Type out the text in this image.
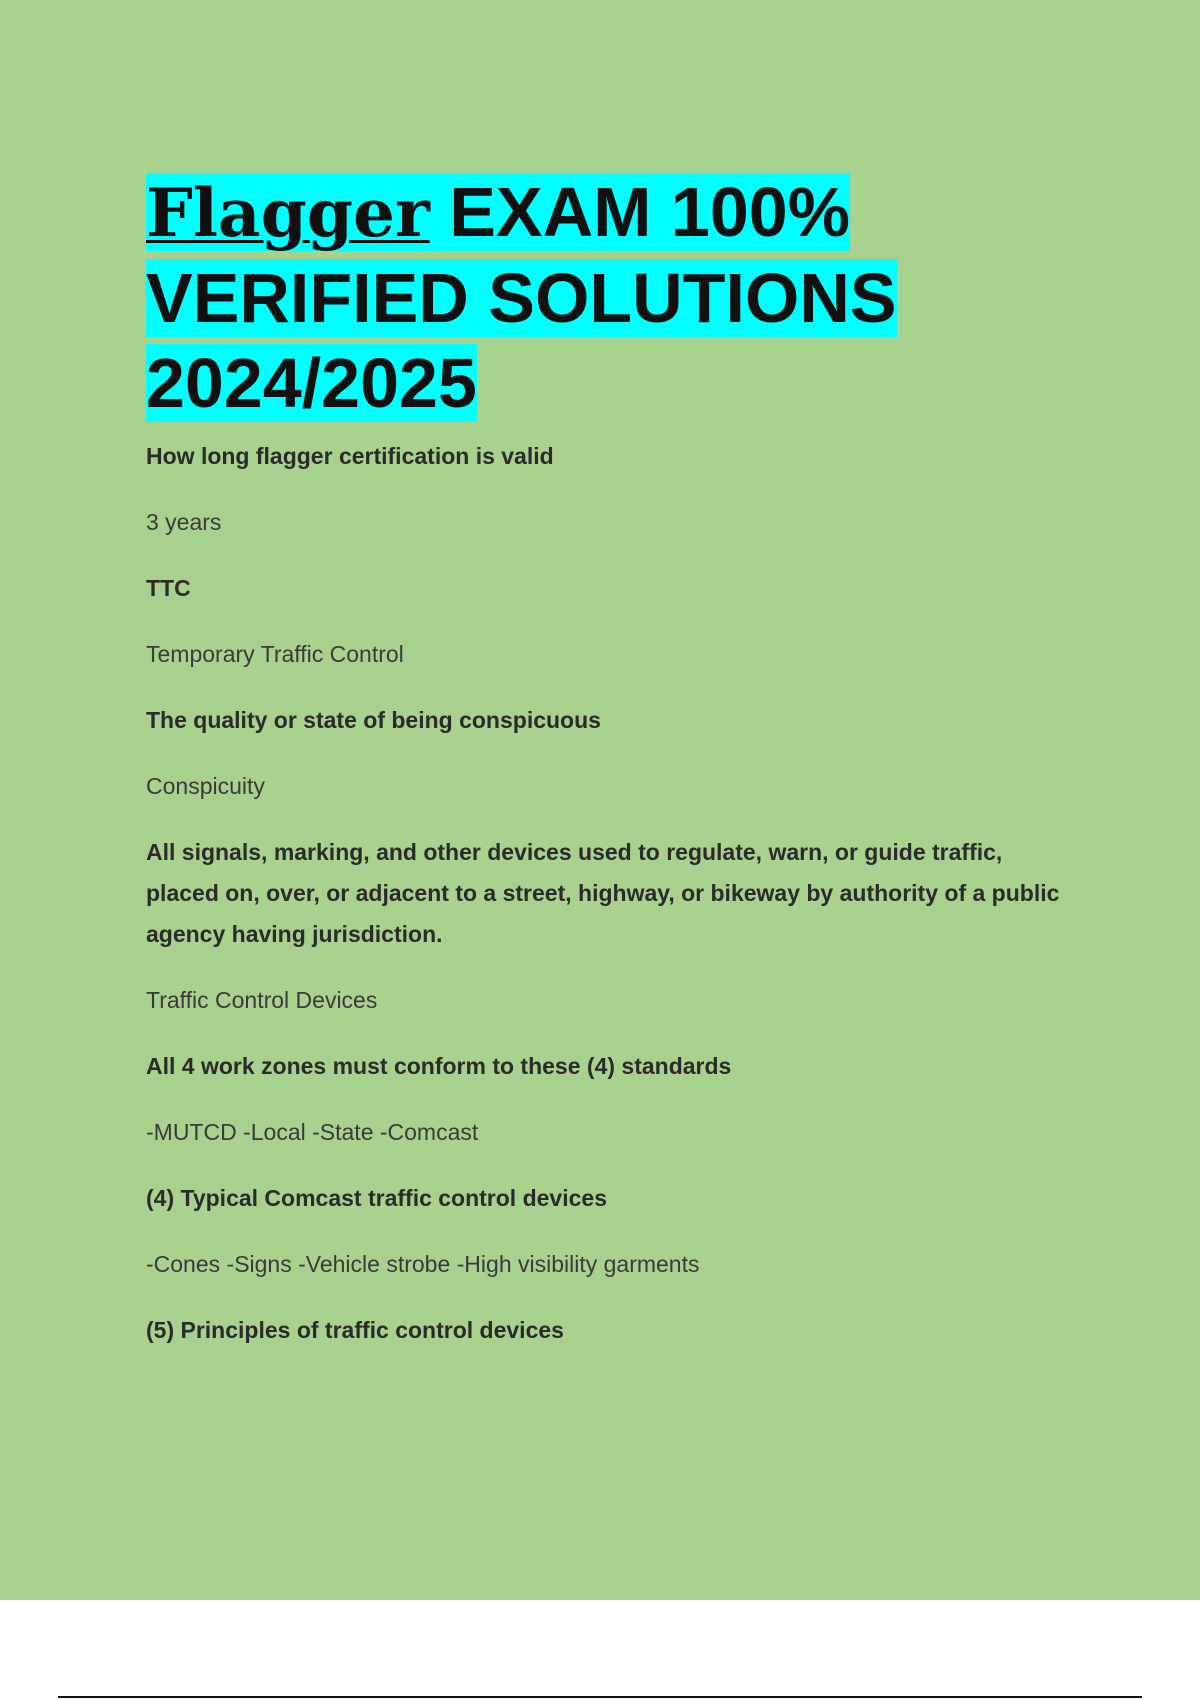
Flagger EXAM 100% VERIFIED SOLUTIONS 2024/2025

How long flagger certification is valid

3 years

TTC

Temporary Traffic Control

The quality or state of being conspicuous

Conspicuity

All signals, marking, and other devices used to regulate, warn, or guide traffic, placed on, over, or adjacent to a street, highway, or bikeway by authority of a public agency having jurisdiction.

Traffic Control Devices

All 4 work zones must conform to these (4) standards

-MUTCD -Local -State -Comcast

(4) Typical Comcast traffic control devices

-Cones -Signs -Vehicle strobe -High visibility garments

(5) Principles of traffic control devices
